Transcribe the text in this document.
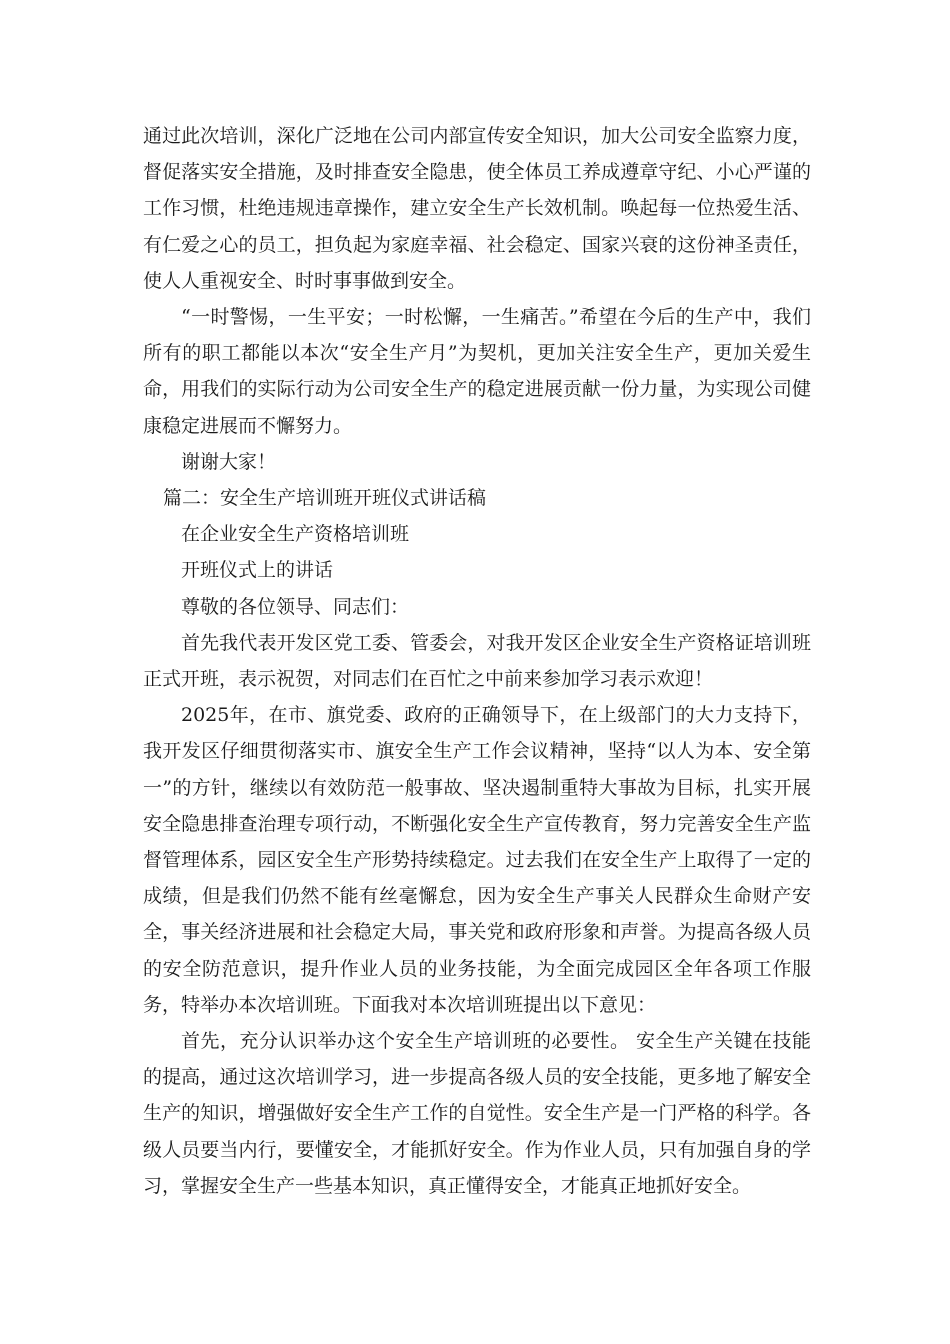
通过此次培训，深化广泛地在公司内部宣传安全知识，加大公司安全监察力度，督促落实安全措施，及时排查安全隐患，使全体员工养成遵章守纪、小心严谨的工作习惯，杜绝违规违章操作，建立安全生产长效机制。唤起每一位热爱生活、有仁爱之心的员工，担负起为家庭幸福、社会稳定、国家兴衰的这份神圣责任，使人人重视安全、时时事事做到安全。

“一时警惕，一生平安；一时松懈，一生痛苦。”希望在今后的生产中，我们所有的职工都能以本次“安全生产月”为契机，更加关注安全生产，更加关爱生命，用我们的实际行动为公司安全生产的稳定进展贡献一份力量，为实现公司健康稳定进展而不懈努力。

谢谢大家！

篇二：安全生产培训班开班仪式讲话稿

在企业安全生产资格培训班

开班仪式上的讲话

尊敬的各位领导、同志们：

首先我代表开发区党工委、管委会，对我开发区企业安全生产资格证培训班正式开班，表示祝贺，对同志们在百忙之中前来参加学习表示欢迎！

2025年，在市、旗党委、政府的正确领导下，在上级部门的大力支持下，我开发区仔细贯彻落实市、旗安全生产工作会议精神，坚持“以人为本、安全第一”的方针，继续以有效防范一般事故、坚决遏制重特大事故为目标，扎实开展安全隐患排查治理专项行动，不断强化安全生产宣传教育，努力完善安全生产监督管理体系，园区安全生产形势持续稳定。过去我们在安全生产上取得了一定的成绩，但是我们仍然不能有丝毫懈怠，因为安全生产事关人民群众生命财产安全，事关经济进展和社会稳定大局，事关党和政府形象和声誉。为提高各级人员的安全防范意识，提升作业人员的业务技能，为全面完成园区全年各项工作服务，特举办本次培训班。下面我对本次培训班提出以下意见：

首先，充分认识举办这个安全生产培训班的必要性。 安全生产关键在技能的提高，通过这次培训学习，进一步提高各级人员的安全技能，更多地了解安全生产的知识，增强做好安全生产工作的自觉性。安全生产是一门严格的科学。各级人员要当内行，要懂安全，才能抓好安全。作为作业人员，只有加强自身的学习，掌握安全生产一些基本知识，真正懂得安全，才能真正地抓好安全。
